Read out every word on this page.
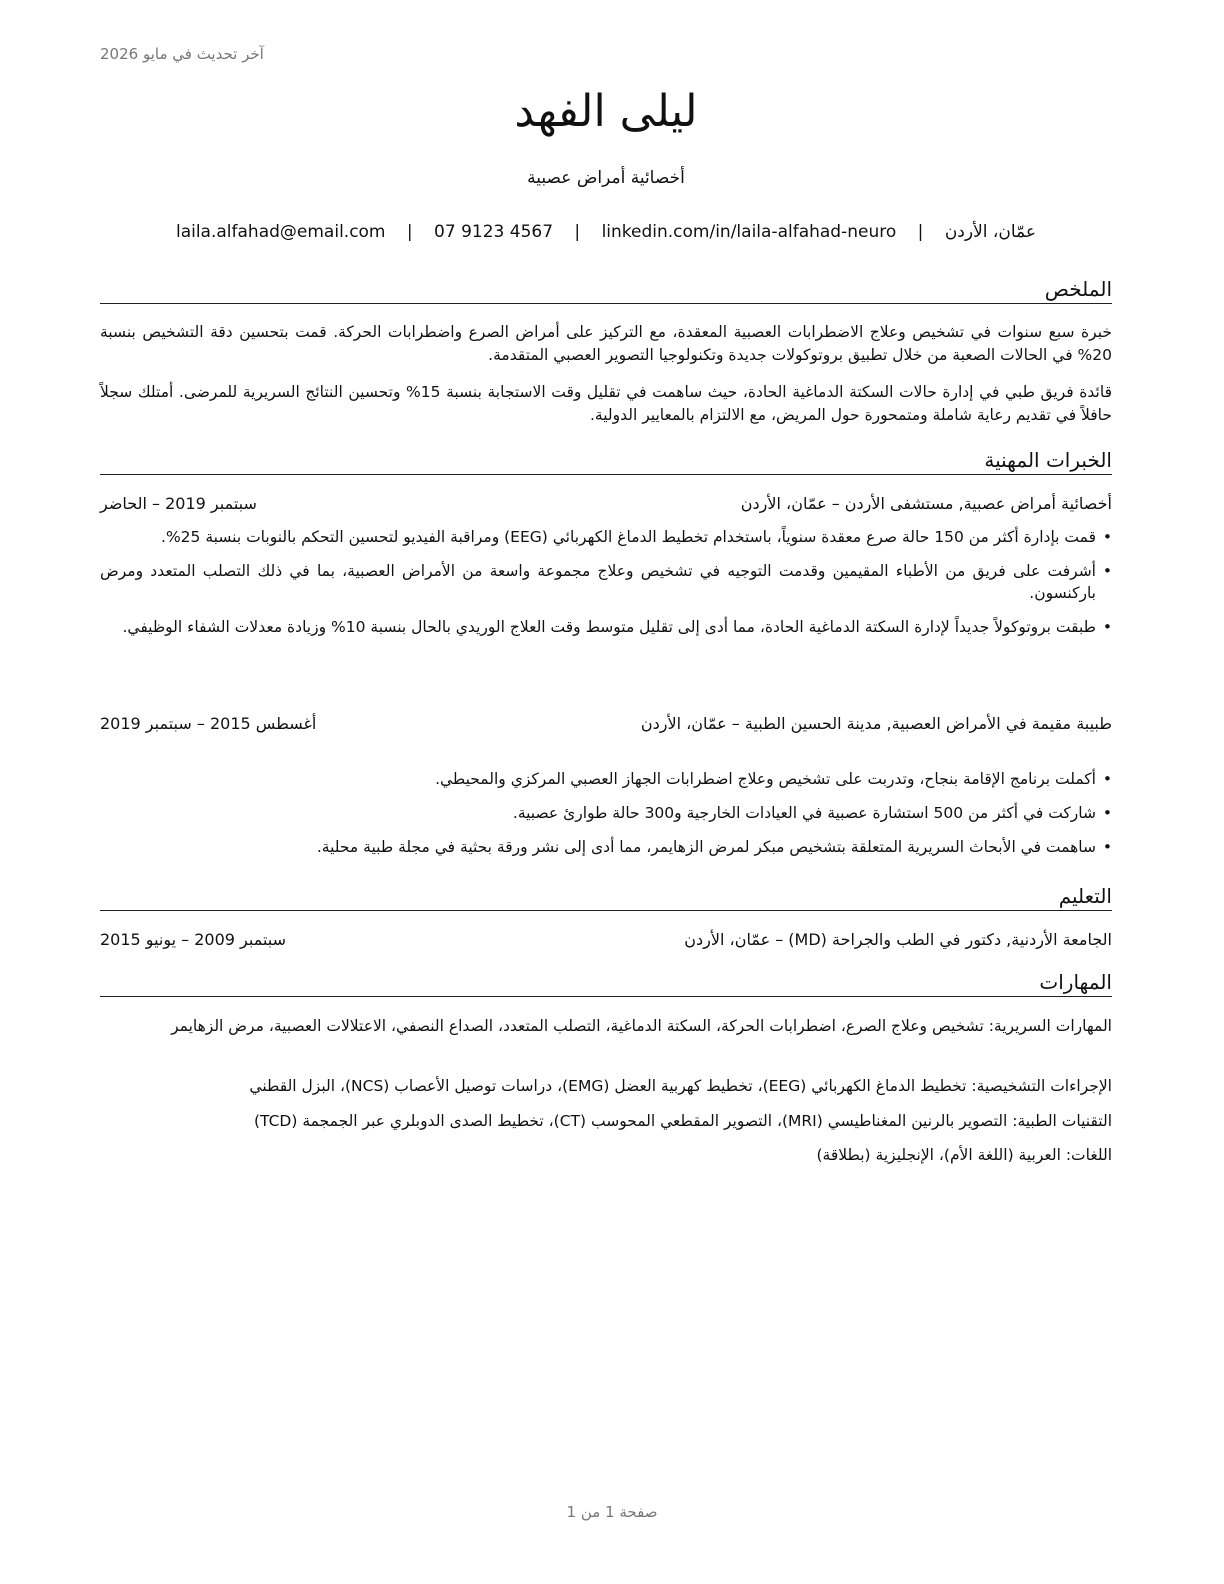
آخر تحديث في مايو 2026
ليلى الفهد
أخصائية أمراض عصبية
عمّان، الأردن | laila.alfahad@email.com | 07 9123 4567 | linkedin.com/in/laila-alfahad-neuro
الملخص
خبرة سبع سنوات في تشخيص وعلاج الاضطرابات العصبية المعقدة، مع التركيز على أمراض الصرع واضطرابات الحركة. قمت بتحسين دقة التشخيص بنسبة 20% في الحالات الصعبة من خلال تطبيق بروتوكولات جديدة وتكنولوجيا التصوير العصبي المتقدمة.
قائدة فريق طبي في إدارة حالات السكتة الدماغية الحادة، حيث ساهمت في تقليل وقت الاستجابة بنسبة 15% وتحسين النتائج السريرية للمرضى. أمتلك سجلاً حافلاً في تقديم رعاية شاملة ومتمحورة حول المريض، مع الالتزام بالمعايير الدولية.
الخبرات المهنية
أخصائية أمراض عصبية, مستشفى الأردن – عمّان، الأردن
سبتمبر 2019 – الحاضر
• قمت بإدارة أكثر من 150 حالة صرع معقدة سنوياً، باستخدام تخطيط الدماغ الكهربائي (EEG) ومراقبة الفيديو لتحسين التحكم بالنوبات بنسبة 25%.
• أشرفت على فريق من الأطباء المقيمين وقدمت التوجيه في تشخيص وعلاج مجموعة واسعة من الأمراض العصبية، بما في ذلك التصلب المتعدد ومرض باركنسون.
• طبقت بروتوكولاً جديداً لإدارة السكتة الدماغية الحادة، مما أدى إلى تقليل متوسط وقت العلاج الوريدي بالحال بنسبة 10% وزيادة معدلات الشفاء الوظيفي.
طبيبة مقيمة في الأمراض العصبية, مدينة الحسين الطبية – عمّان، الأردن
أغسطس 2015 – سبتمبر 2019
• أكملت برنامج الإقامة بنجاح، وتدربت على تشخيص وعلاج اضطرابات الجهاز العصبي المركزي والمحيطي.
• شاركت في أكثر من 500 استشارة عصبية في العيادات الخارجية و300 حالة طوارئ عصبية.
• ساهمت في الأبحاث السريرية المتعلقة بتشخيص مبكر لمرض الزهايمر، مما أدى إلى نشر ورقة بحثية في مجلة طبية محلية.
التعليم
الجامعة الأردنية, دكتور في الطب والجراحة (MD) – عمّان، الأردن
سبتمبر 2009 – يونيو 2015
المهارات
المهارات السريرية: تشخيص وعلاج الصرع، اضطرابات الحركة، السكتة الدماغية، التصلب المتعدد، الصداع النصفي، الاعتلالات العصبية، مرض الزهايمر
الإجراءات التشخيصية: تخطيط الدماغ الكهربائي (EEG)، تخطيط كهربية العضل (EMG)، دراسات توصيل الأعصاب (NCS)، البزل القطني
التقنيات الطبية: التصوير بالرنين المغناطيسي (MRI)، التصوير المقطعي المحوسب (CT)، تخطيط الصدى الدوبلري عبر الجمجمة (TCD)
اللغات: العربية (اللغة الأم)، الإنجليزية (بطلاقة)
صفحة 1 من 1
